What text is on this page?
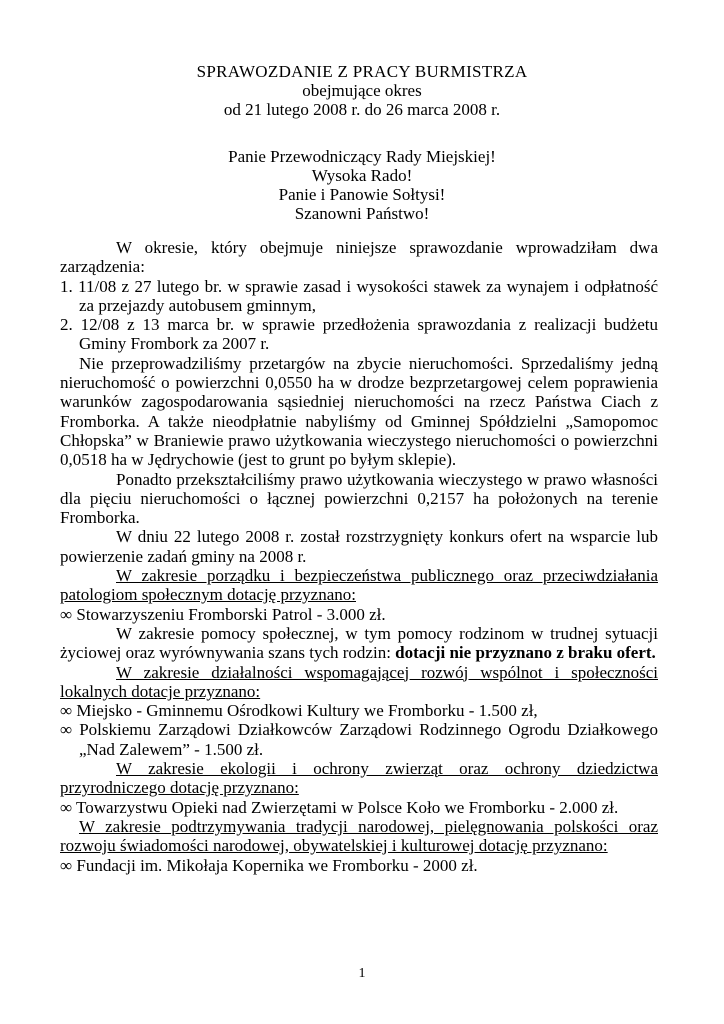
SPRAWOZDANIE Z PRACY BURMISTRZA
obejmujące okres
od 21 lutego 2008 r. do 26 marca 2008 r.
Panie Przewodniczący Rady Miejskiej!
Wysoka Rado!
Panie i Panowie Sołtysi!
Szanowni Państwo!

W okresie, który obejmuje niniejsze sprawozdanie wprowadziłam dwa zarządzenia:

1. 11/08 z 27 lutego br. w sprawie zasad i wysokości stawek za wynajem i odpłatność za przejazdy autobusem gminnym,

2. 12/08 z 13 marca br. w sprawie przedłożenia sprawozdania z realizacji budżetu Gminy Frombork za 2007 r.

Nie przeprowadziliśmy przetargów na zbycie nieruchomości. Sprzedaliśmy jedną nieruchomość o powierzchni 0,0550 ha w drodze bezprzetargowej celem poprawienia warunków zagospodarowania sąsiedniej nieruchomości na rzecz Państwa Ciach z Fromborka. A także nieodpłatnie nabyliśmy od Gminnej Spółdzielni „Samopomoc Chłopska” w Braniewie prawo użytkowania wieczystego nieruchomości o powierzchni 0,0518 ha w Jędrychowie (jest to grunt po byłym sklepie).

Ponadto przekształciliśmy prawo użytkowania wieczystego w prawo własności dla pięciu nieruchomości o łącznej powierzchni 0,2157 ha położonych na terenie Fromborka.

W dniu 22 lutego 2008 r. został rozstrzygnięty konkurs ofert na wsparcie lub powierzenie zadań gminy na 2008 r.

W zakresie porządku i bezpieczeństwa publicznego oraz przeciwdziałania patologiom społecznym dotację przyznano:

∞ Stowarzyszeniu Fromborski Patrol - 3.000 zł.

W zakresie pomocy społecznej, w tym pomocy rodzinom w trudnej sytuacji życiowej oraz wyrównywania szans tych rodzin: dotacji nie przyznano z braku ofert.

W zakresie działalności wspomagającej rozwój wspólnot i społeczności lokalnych dotacje przyznano:

∞ Miejsko - Gminnemu Ośrodkowi Kultury we Fromborku - 1.500 zł,

∞ Polskiemu Zarządowi Działkowców Zarządowi Rodzinnego Ogrodu Działkowego „Nad Zalewem” - 1.500 zł.

W zakresie ekologii i ochrony zwierząt oraz ochrony dziedzictwa przyrodniczego dotację przyznano:

∞ Towarzystwu Opieki nad Zwierzętami w Polsce Koło we Fromborku - 2.000 zł.

W zakresie podtrzymywania tradycji narodowej, pielęgnowania polskości oraz rozwoju świadomości narodowej, obywatelskiej i kulturowej dotację przyznano:

∞ Fundacji im. Mikołaja Kopernika we Fromborku - 2000 zł.

1
